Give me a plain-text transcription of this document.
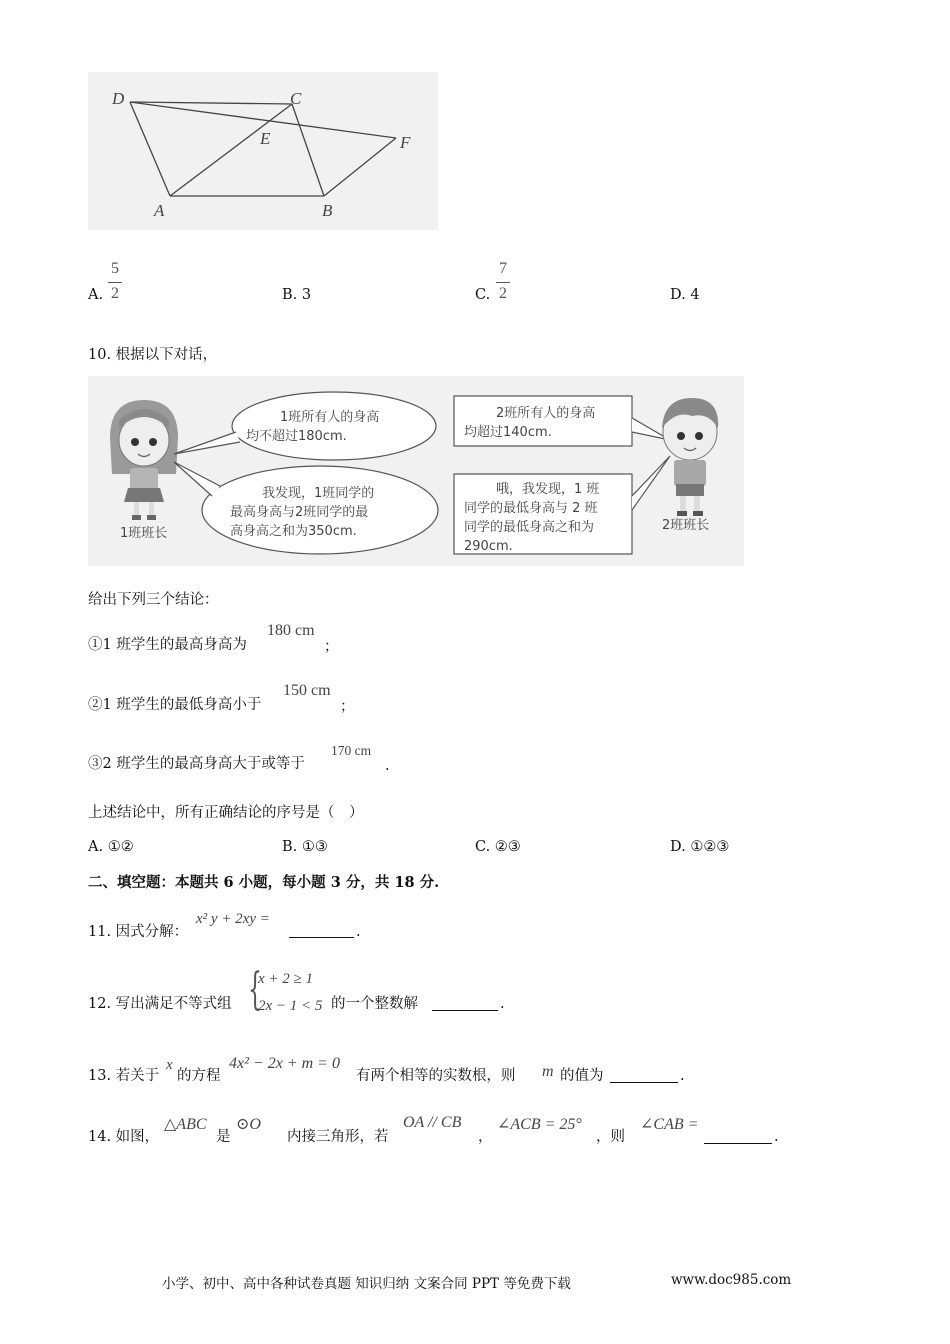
D	C
E	F
A	B
A.
5
2	B. 3	C.
7
2	D. 4
10. 根据以下对话，
1班所有人的身高
均不超过180cm.
我发现，1班同学的
最高身高与2班同学的最
高身高之和为350cm.
2班所有人的身高
均超过140cm.
哦，我发现，1 班
同学的最低身高与 2 班
同学的最低身高之和为
290cm.
1班班长
2班班长
给出下列三个结论：
①1 班学生的最高身高为
180 cm
；
②1 班学生的最低身高小于
150 cm
；
③2 班学生的最高身高大于或等于
170 cm
.
上述结论中，所有正确结论的序号是（　）
A. ①②	B. ①③	C. ②③	D. ①②③
二、填空题：本题共 6 小题，每小题 3 分，共 18 分.
11. 因式分解：
x² y + 2xy =
.
12. 写出满足不等式组 {
x + 2 ≥ 1
2x − 1 < 5 的一个整数解	.
13. 若关于
x
的方程
4x² − 2x + m = 0
有两个相等的实数根，则 m 的值为	.
14. 如图，
△ABC
是
⊙O
内接三角形，若
OA // CB
，
∠ACB = 25°
，则
∠CAB =
.
小学、初中、高中各种试卷真题 知识归纳 文案合同 PPT 等免费下载	www.doc985.com
